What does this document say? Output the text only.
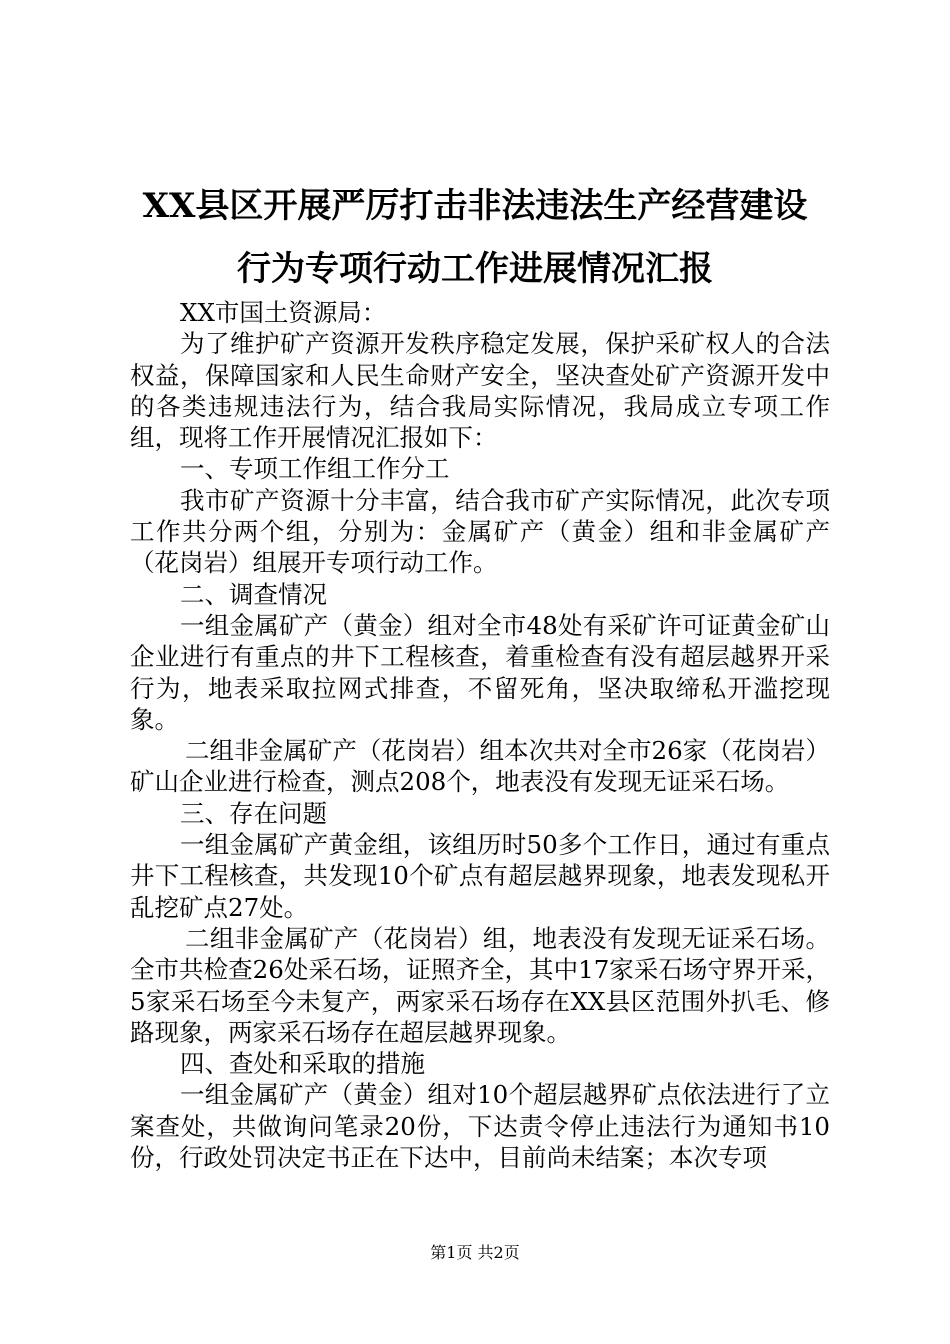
XX县区开展严厉打击非法违法生产经营建设
行为专项行动工作进展情况汇报

XX市国土资源局：

为了维护矿产资源开发秩序稳定发展，保护采矿权人的合法权益，保障国家和人民生命财产安全，坚决查处矿产资源开发中的各类违规违法行为，结合我局实际情况，我局成立专项工作组，现将工作开展情况汇报如下：

一、专项工作组工作分工

我市矿产资源十分丰富，结合我市矿产实际情况，此次专项工作共分两个组，分别为：金属矿产（黄金）组和非金属矿产（花岗岩）组展开专项行动工作。

二、调查情况

一组金属矿产（黄金）组对全市48处有采矿许可证黄金矿山企业进行有重点的井下工程核查，着重检查有没有超层越界开采行为，地表采取拉网式排查，不留死角，坚决取缔私开滥挖现象。

二组非金属矿产（花岗岩）组本次共对全市26家（花岗岩）矿山企业进行检查，测点208个，地表没有发现无证采石场。

三、存在问题

一组金属矿产黄金组，该组历时50多个工作日，通过有重点井下工程核查，共发现10个矿点有超层越界现象，地表发现私开乱挖矿点27处。

二组非金属矿产（花岗岩）组，地表没有发现无证采石场。全市共检查26处采石场，证照齐全，其中17家采石场守界开采，5家采石场至今未复产，两家采石场存在XX县区范围外扒毛、修路现象，两家采石场存在超层越界现象。

四、查处和采取的措施

一组金属矿产（黄金）组对10个超层越界矿点依法进行了立案查处，共做询问笔录20份，下达责令停止违法行为通知书10份，行政处罚决定书正在下达中，目前尚未结案；本次专项

第1页 共2页
